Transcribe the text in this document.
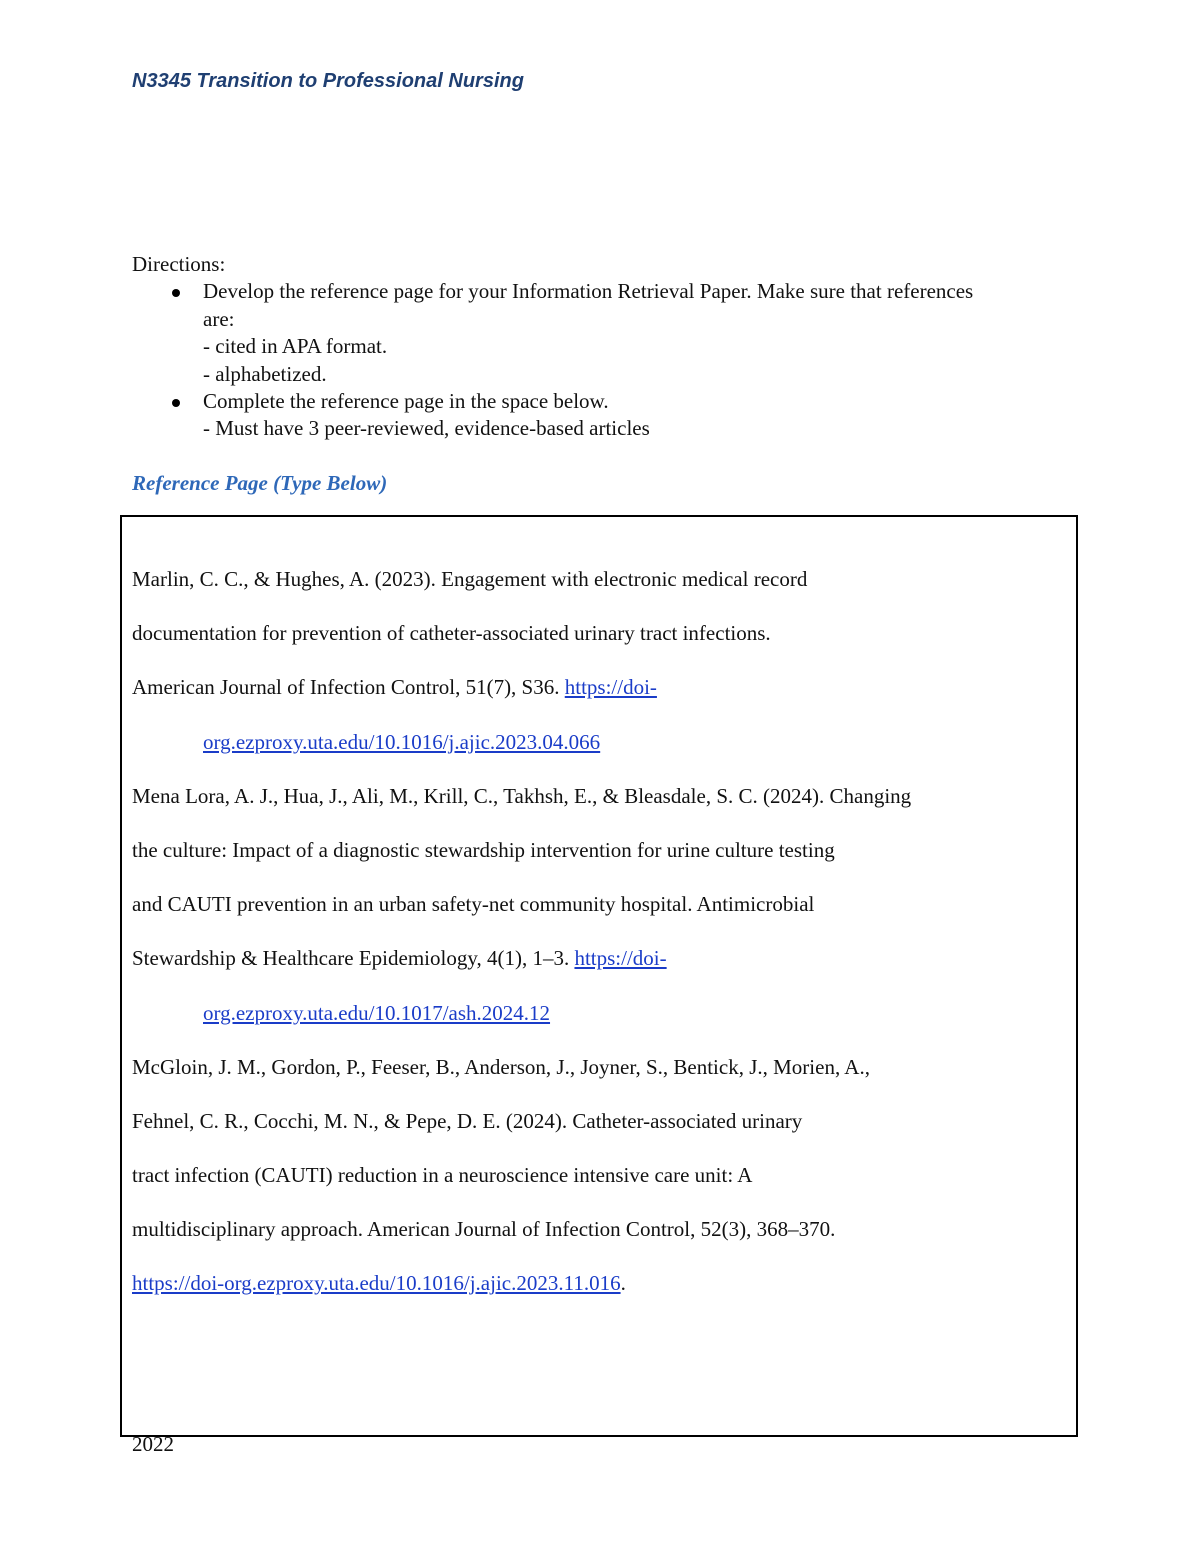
N3345 Transition to Professional Nursing
Directions:
Develop the reference page for your Information Retrieval Paper. Make sure that references
are:
- cited in APA format.
- alphabetized.
Complete the reference page in the space below.
- Must have 3 peer-reviewed, evidence-based articles
Reference Page (Type Below)
Marlin, C. C., & Hughes, A. (2023). Engagement with electronic medical record
documentation for prevention of catheter-associated urinary tract infections.
American Journal of Infection Control, 51(7), S36. https://doi-
org.ezproxy.uta.edu/10.1016/j.ajic.2023.04.066
Mena Lora, A. J., Hua, J., Ali, M., Krill, C., Takhsh, E., & Bleasdale, S. C. (2024). Changing
the culture: Impact of a diagnostic stewardship intervention for urine culture testing
and CAUTI prevention in an urban safety-net community hospital. Antimicrobial
Stewardship & Healthcare Epidemiology, 4(1), 1–3. https://doi-
org.ezproxy.uta.edu/10.1017/ash.2024.12
McGloin, J. M., Gordon, P., Feeser, B., Anderson, J., Joyner, S., Bentick, J., Morien, A.,
Fehnel, C. R., Cocchi, M. N., & Pepe, D. E. (2024). Catheter-associated urinary
tract infection (CAUTI) reduction in a neuroscience intensive care unit: A
multidisciplinary approach. American Journal of Infection Control, 52(3), 368–370.
https://doi-org.ezproxy.uta.edu/10.1016/j.ajic.2023.11.016.
2022
